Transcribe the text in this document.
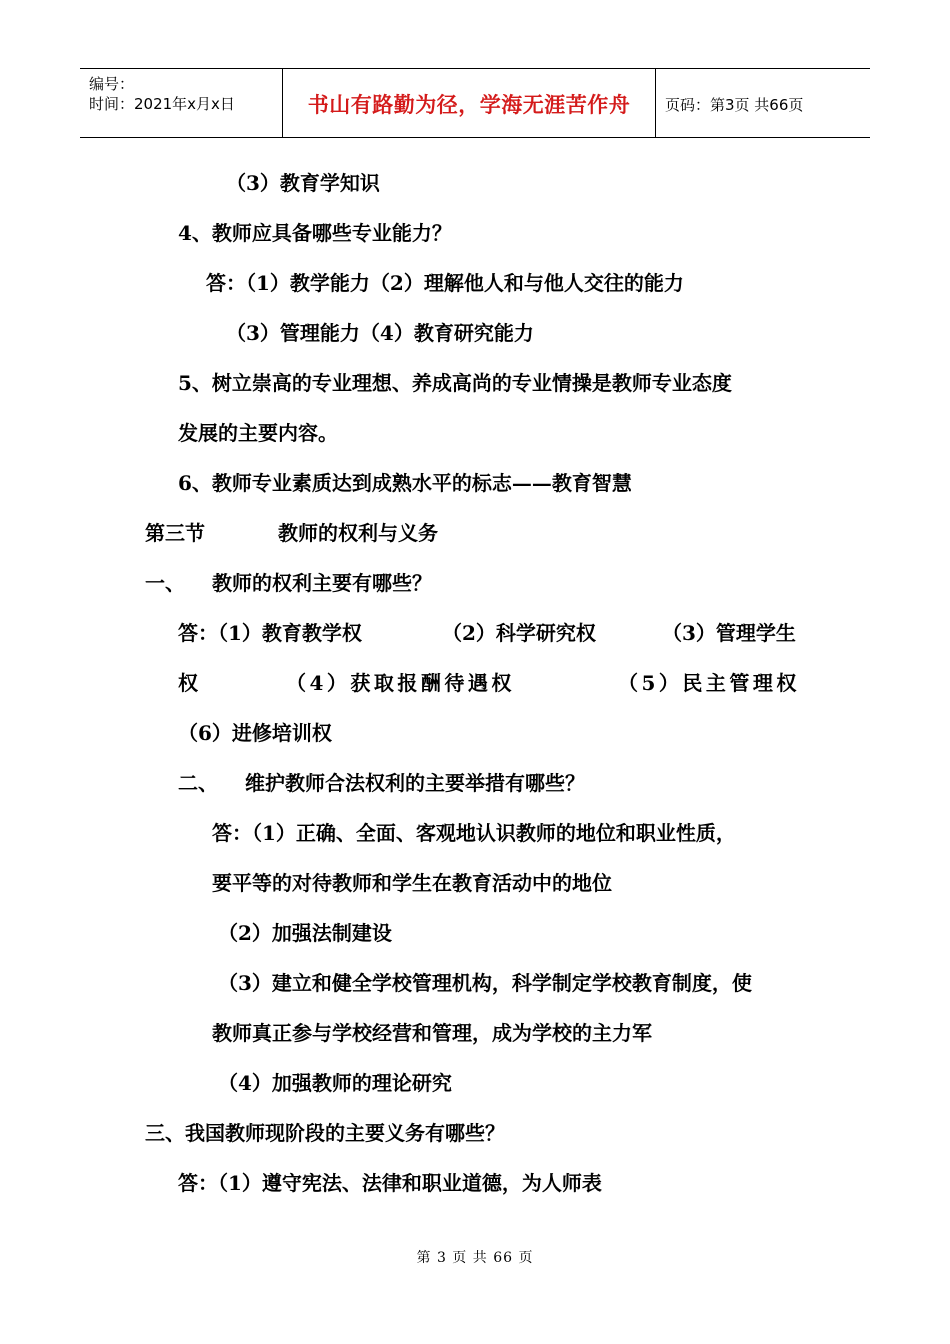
编号：
时间：2021年x月x日	书山有路勤为径，学海无涯苦作舟	页码：第3页 共66页
（3）教育学知识
4、教师应具备哪些专业能力？
答：（1）教学能力（2）理解他人和与他人交往的能力
（3）管理能力（4）教育研究能力
5、树立崇高的专业理想、养成高尚的专业情操是教师专业态度
发展的主要内容。
6、教师专业素质达到成熟水平的标志——教育智慧
第三节	教师的权利与义务
一、 教师的权利主要有哪些？
答：（1）教育教学权	（2）科学研究权	（3）管理学生
权	（4）获取报酬待遇权	（5）民主管理权
（6）进修培训权
二、 维护教师合法权利的主要举措有哪些？
答：（1）正确、全面、客观地认识教师的地位和职业性质，
要平等的对待教师和学生在教育活动中的地位
（2）加强法制建设
（3）建立和健全学校管理机构，科学制定学校教育制度，使
教师真正参与学校经营和管理，成为学校的主力军
（4）加强教师的理论研究
三、我国教师现阶段的主要义务有哪些？
答：（1）遵守宪法、法律和职业道德，为人师表
第 3 页 共 66 页
